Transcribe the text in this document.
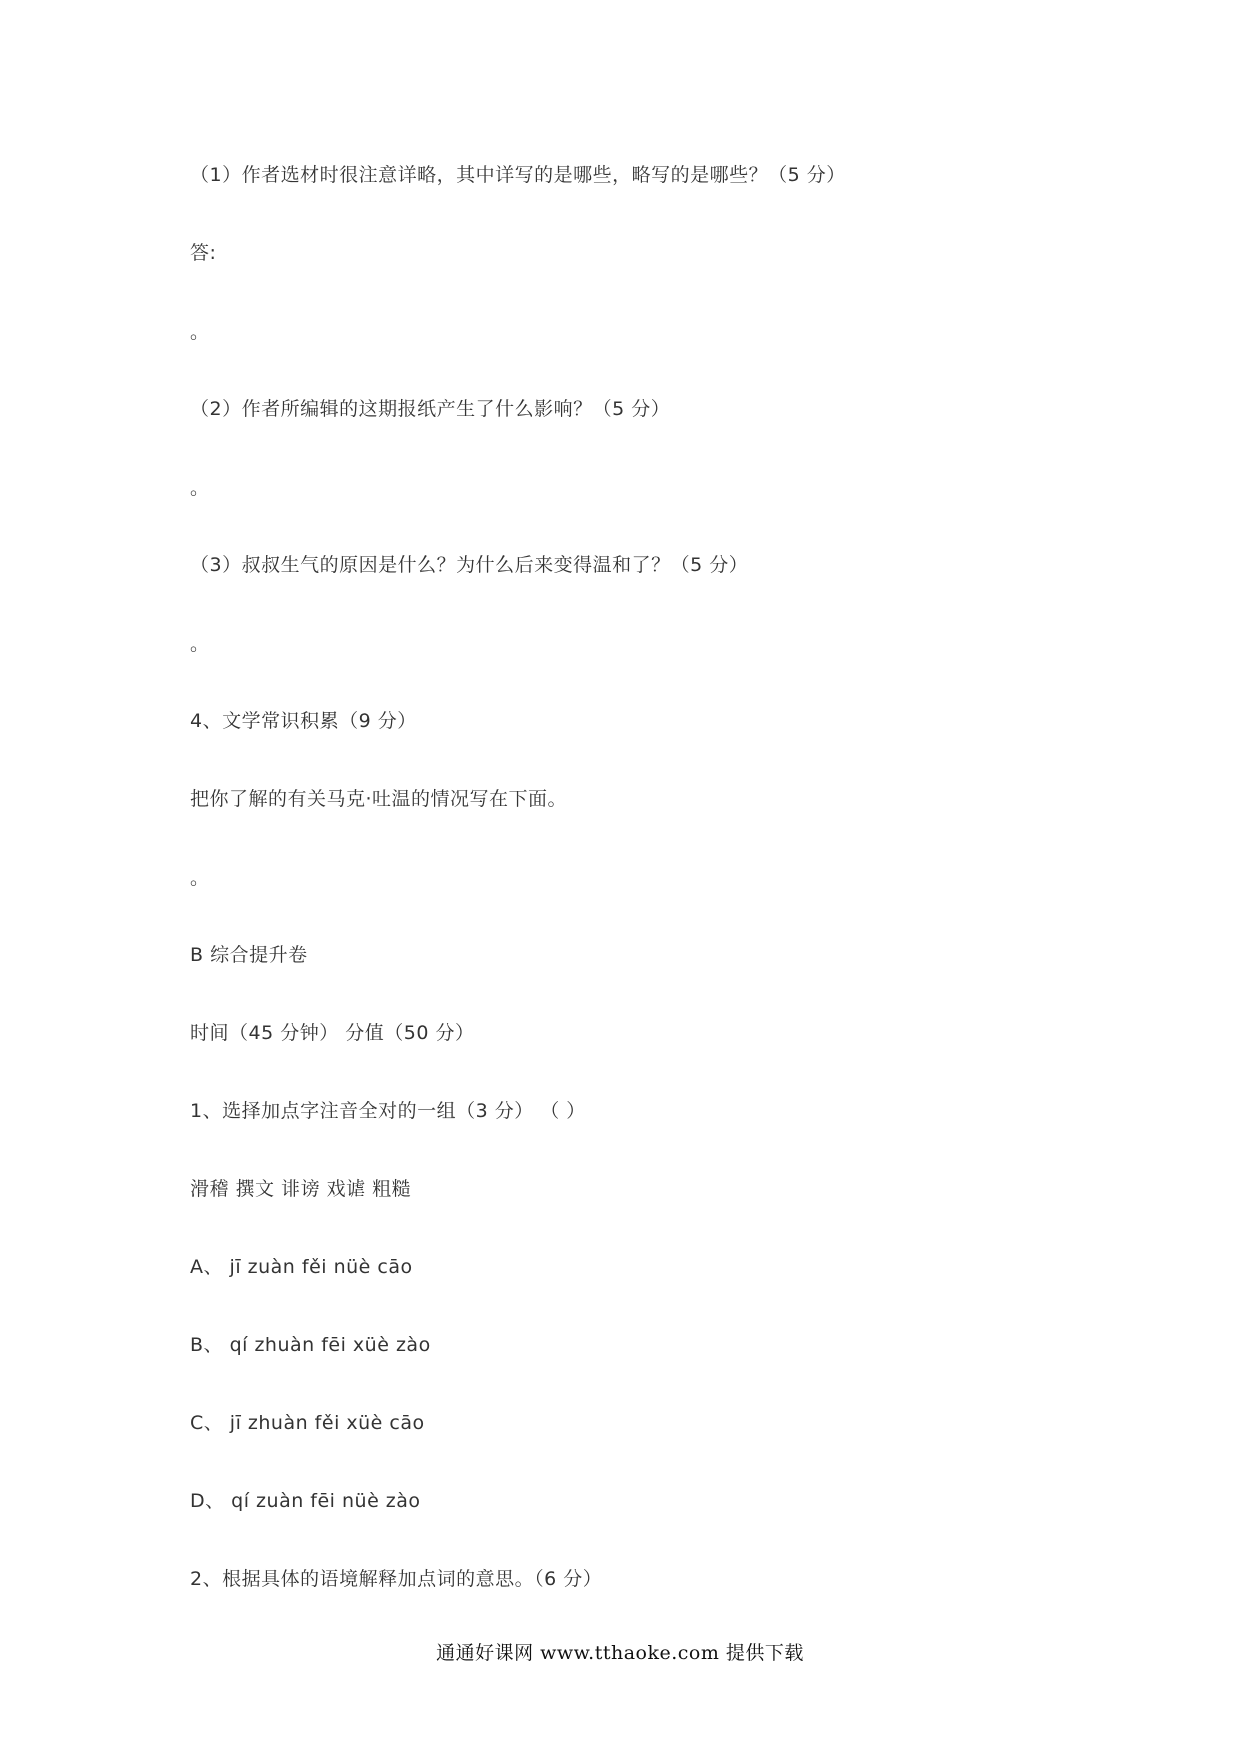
（1）作者选材时很注意详略，其中详写的是哪些，略写的是哪些？（5 分）
答:
。
（2）作者所编辑的这期报纸产生了什么影响？（5 分）
。
（3）叔叔生气的原因是什么？为什么后来变得温和了？（5 分）
。
4、文学常识积累（9 分）
把你了解的有关马克·吐温的情况写在下面。
。
B 综合提升卷
时间（45 分钟） 分值（50 分）
1、选择加点字注音全对的一组（3 分） （ ）
滑稽 撰文 诽谤 戏谑 粗糙
A、 jī zuàn fěi nüè cāo
B、 qí zhuàn fēi xüè zào
C、 jī zhuàn fěi xüè cāo
D、 qí zuàn fēi nüè zào
2、根据具体的语境解释加点词的意思。（6 分）
通通好课网 www.tthaoke.com 提供下载
